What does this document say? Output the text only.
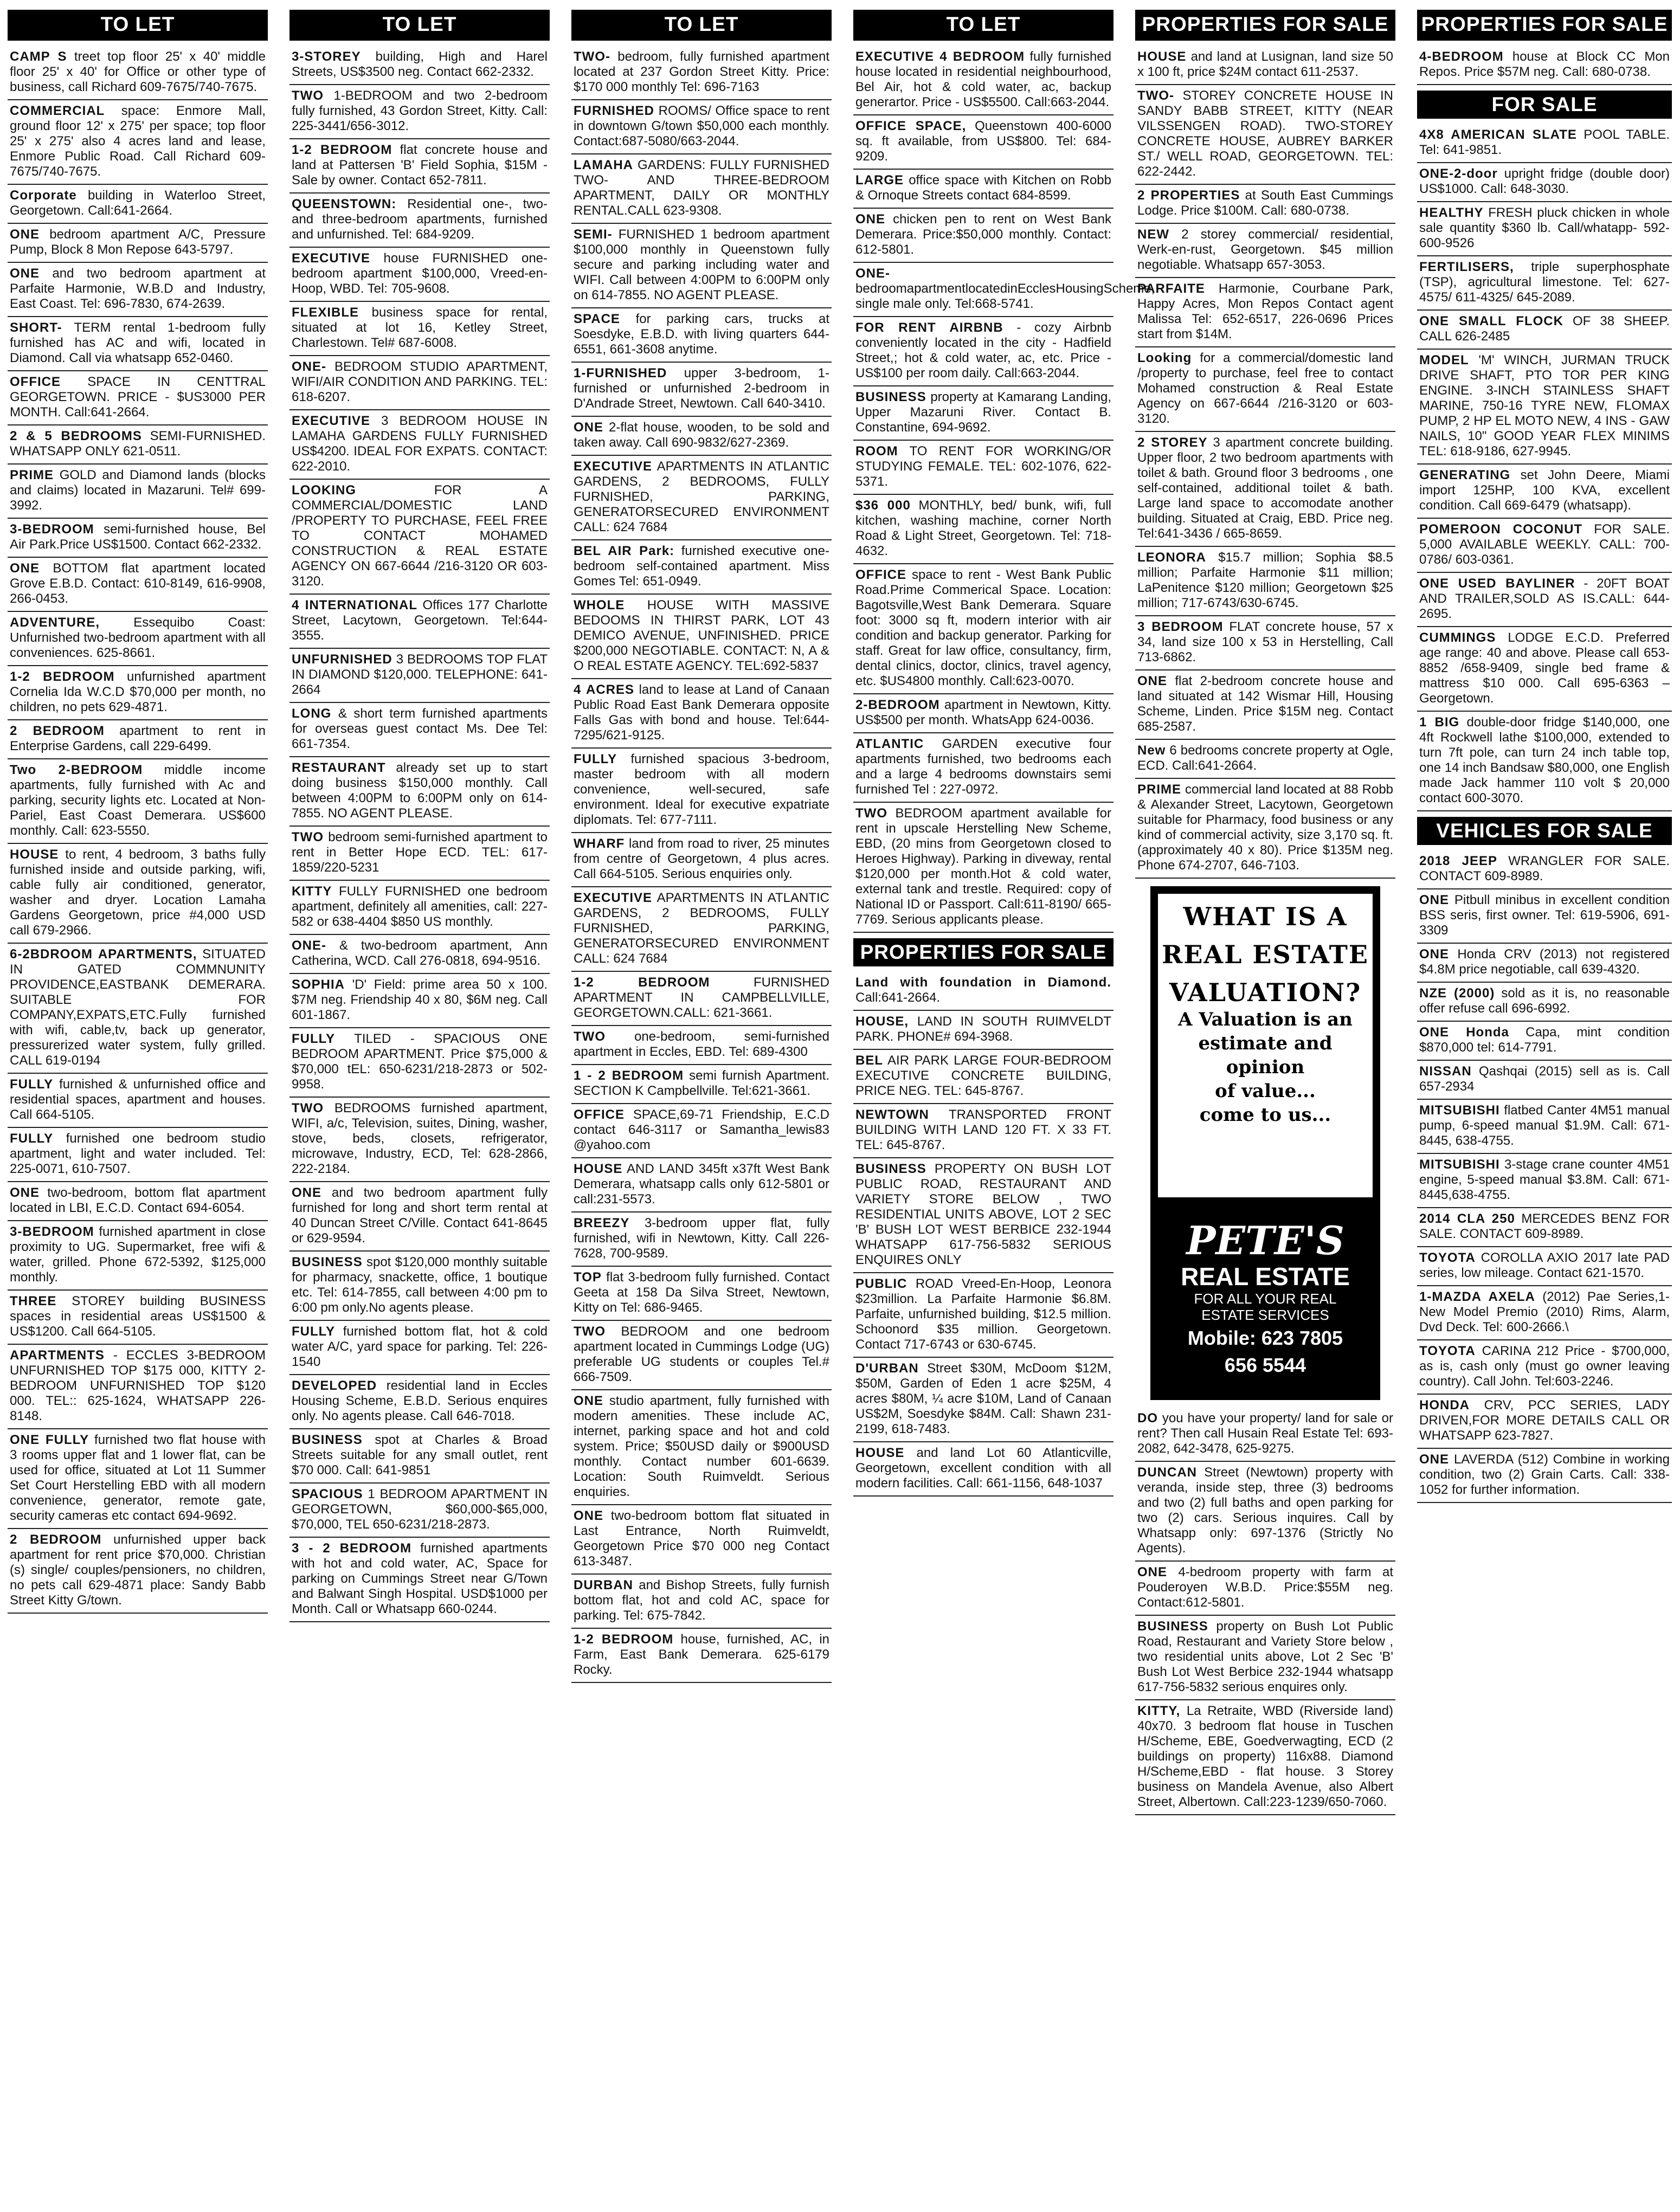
TO LET
CAMP S treet top floor 25' x 40' middle floor 25' x 40' for Office or other type of business, call Richard 609-7675/740-7675.
COMMERCIAL space: Enmore Mall, ground floor 12' x 275' per space; top floor 25' x 275' also 4 acres land and lease, Enmore Public Road. Call Richard 609-7675/740-7675.
Corporate building in Waterloo Street, Georgetown. Call:641-2664.
ONE bedroom apartment A/C, Pressure Pump, Block 8 Mon Repose 643-5797.
ONE and two bedroom apartment at Parfaite Harmonie, W.B.D and Industry, East Coast. Tel: 696-7830, 674-2639.
SHORT- TERM rental 1-bedroom fully furnished has AC and wifi, located in Diamond. Call via whatsapp 652-0460.
OFFICE SPACE IN CENTTRAL GEORGETOWN. PRICE - $US3000 PER MONTH. Call:641-2664.
2 & 5 BEDROOMS SEMI-FURNISHED. WHATSAPP ONLY 621-0511.
PRIME GOLD and Diamond lands (blocks and claims) located in Mazaruni. Tel# 699-3992.
3-BEDROOM semi-furnished house, Bel Air Park.Price US$1500. Contact 662-2332.
ONE BOTTOM flat apartment located Grove E.B.D. Contact: 610-8149, 616-9908, 266-0453.
ADVENTURE,	Essequibo Coast: Unfurnished two-bedroom apartment with all conveniences. 625-8661.
1-2 BEDROOM unfurnished apartment Cornelia Ida W.C.D $70,000 per month, no children, no pets 629-4871.
2 BEDROOM apartment to rent in Enterprise Gardens, call 229-6499.
Two 2-BEDROOM middle income apartments, fully furnished with Ac and parking, security lights etc. Located at Non-Pariel, East Coast Demerara. US$600 monthly. Call: 623-5550.
HOUSE to rent, 4 bedroom, 3 baths fully furnished inside and outside parking, wifi, cable fully air conditioned, generator, washer and dryer. Location Lamaha Gardens Georgetown, price #4,000 USD call 679-2966.
6-2BDROOM APARTMENTS, SITUATED IN GATED COMMNUNITY PROVIDENCE,EASTBANK DEMERARA. SUITABLE FOR COMPANY,EXPATS,ETC.Fully furnished with wifi, cable,tv, back up generator, pressurerized water system, fully grilled. CALL 619-0194
FULLY furnished & unfurnished office and residential spaces, apartment and houses. Call 664-5105.
FULLY furnished one bedroom studio apartment, light and water included. Tel: 225-0071, 610-7507.
ONE two-bedroom, bottom flat apartment located in LBI, E.C.D. Contact 694-6054.
3-BEDROOM furnished apartment in close proximity to UG. Supermarket, free wifi & water, grilled. Phone 672-5392, $125,000 monthly.
THREE STOREY building BUSINESS spaces in residential areas US$1500 & US$1200. Call 664-5105.
APARTMENTS - ECCLES 3-BEDROOM UNFURNISHED TOP $175 000, KITTY 2-BEDROOM UNFURNISHED TOP $120 000. TEL:: 625-1624, WHATSAPP 226-8148.
ONE FULLY furnished two flat house with 3 rooms upper flat and 1 lower flat, can be used for office, situated at Lot 11 Summer Set Court Herstelling EBD with all modern convenience, generator, remote gate, security cameras etc contact 694-9692.
2 BEDROOM unfurnished upper back apartment for rent price $70,000. Christian (s) single/ couples/pensioners, no children, no pets call 629-4871 place: Sandy Babb Street Kitty G/town.
TO LET
3-STOREY building, High and Harel Streets, US$3500 neg. Contact 662-2332.
TWO 1-BEDROOM and two 2-bedroom fully furnished, 43 Gordon Street, Kitty. Call: 225-3441/656-3012.
1-2 BEDROOM flat concrete house and land at Pattersen 'B' Field Sophia, $15M - Sale by owner. Contact 652-7811.
QUEENSTOWN: Residential one-, two- and three-bedroom apartments, furnished and unfurnished. Tel: 684-9209.
EXECUTIVE house FURNISHED one-bedroom apartment $100,000, Vreed-en-Hoop, WBD. Tel: 705-9608.
FLEXIBLE business space for rental, situated at lot 16, Ketley Street, Charlestown. Tel# 687-6008.
ONE- BEDROOM STUDIO APARTMENT, WIFI/AIR CONDITION AND PARKING. TEL: 618-6207.
EXECUTIVE 3 BEDROOM HOUSE IN LAMAHA GARDENS FULLY FURNISHED US$4200. IDEAL FOR EXPATS. CONTACT: 622-2010.
LOOKING	FOR A COMMERCIAL/DOMESTIC LAND /PROPERTY TO PURCHASE, FEEL FREE TO CONTACT MOHAMED CONSTRUCTION & REAL ESTATE AGENCY ON 667-6644 /216-3120 OR 603-3120.
4 INTERNATIONAL Offices 177 Charlotte Street, Lacytown, Georgetown. Tel:644-3555.
UNFURNISHED 3 BEDROOMS TOP FLAT IN DIAMOND $120,000. TELEPHONE: 641-2664
LONG & short term furnished apartments for overseas guest contact Ms. Dee Tel: 661-7354.
RESTAURANT already set up to start doing business $150,000 monthly. Call between 4:00PM to 6:00PM only on 614-7855. NO AGENT PLEASE.
TWO bedroom semi-furnished apartment to rent in Better Hope ECD. TEL: 617-1859/220-5231
KITTY FULLY FURNISHED one bedroom apartment, definitely all amenities, call: 227-582 or 638-4404 $850 US monthly.
ONE- & two-bedroom apartment, Ann Catherina, WCD. Call 276-0818, 694-9516.
SOPHIA 'D' Field: prime area 50 x 100. $7M neg. Friendship 40 x 80, $6M neg. Call 601-1867.
FULLY TILED - SPACIOUS ONE BEDROOM APARTMENT. Price $75,000 & $70,000 tEL: 650-6231/218-2873 or 502-9958.
TWO BEDROOMS furnished apartment, WIFI, a/c, Television, suites, Dining, washer, stove, beds, closets, refrigerator, microwave, Industry, ECD, Tel: 628-2866, 222-2184.
ONE and two bedroom apartment fully furnished for long and short term rental at 40 Duncan Street C/Ville. Contact 641-8645 or 629-9594.
BUSINESS spot $120,000 monthly suitable for pharmacy, snackette, office, 1 boutique etc. Tel: 614-7855, call between 4:00 pm to 6:00 pm only.No agents please.
FULLY furnished bottom flat, hot & cold water A/C, yard space for parking. Tel: 226-1540
DEVELOPED residential land in Eccles Housing Scheme, E.B.D. Serious enquires only. No agents please. Call 646-7018.
BUSINESS spot at Charles & Broad Streets suitable for any small outlet, rent $70 000. Call: 641-9851
SPACIOUS 1 BEDROOM APARTMENT IN GEORGETOWN, $60,000-$65,000, $70,000, TEL 650-6231/218-2873.
3 - 2 BEDROOM furnished apartments with hot and cold water, AC, Space for parking on Cummings Street near G/Town and Balwant Singh Hospital. USD$1000 per Month. Call or Whatsapp 660-0244.
TO LET
TWO- bedroom, fully furnished apartment located at 237 Gordon Street Kitty. Price: $170 000 monthly Tel: 696-7163
FURNISHED ROOMS/ Office space to rent in downtown G/town $50,000 each monthly. Contact:687-5080/663-2044.
LAMAHA GARDENS: FULLY FURNISHED TWO- AND THREE-BEDROOM APARTMENT, DAILY OR MONTHLY RENTAL.CALL 623-9308.
SEMI- FURNISHED 1 bedroom apartment $100,000 monthly in Queenstown fully secure and parking including water and WIFI. Call between 4:00PM to 6:00PM only on 614-7855. NO AGENT PLEASE.
SPACE for parking cars, trucks at Soesdyke, E.B.D. with living quarters 644-6551, 661-3608 anytime.
1-FURNISHED upper 3-bedroom, 1-furnished or unfurnished 2-bedroom in D'Andrade Street, Newtown. Call 640-3410.
ONE 2-flat house, wooden, to be sold and taken away. Call 690-9832/627-2369.
EXECUTIVE APARTMENTS IN ATLANTIC GARDENS, 2 BEDROOMS, FULLY FURNISHED, PARKING, GENERATORSECURED ENVIRONMENT CALL: 624 7684
BEL AIR Park: furnished executive one-bedroom self-contained apartment. Miss Gomes Tel: 651-0949.
WHOLE HOUSE WITH MASSIVE BEDOOMS IN THIRST PARK, LOT 43 DEMICO AVENUE, UNFINISHED. PRICE $200,000 NEGOTIABLE. CONTACT: N, A & O REAL ESTATE AGENCY. TEL:692-5837
4 ACRES land to lease at Land of Canaan Public Road East Bank Demerara opposite Falls Gas with bond and house. Tel:644-7295/621-9125.
FULLY furnished spacious 3-bedroom, master bedroom with all modern convenience, well-secured, safe environment. Ideal for executive expatriate diplomats. Tel: 677-7111.
WHARF land from road to river, 25 minutes from centre of Georgetown, 4 plus acres. Call 664-5105. Serious enquiries only.
EXECUTIVE APARTMENTS IN ATLANTIC GARDENS, 2 BEDROOMS, FULLY FURNISHED, PARKING, GENERATORSECURED ENVIRONMENT CALL: 624 7684
1-2 BEDROOM	FURNISHED APARTMENT IN CAMPBELLVILLE, GEORGETOWN.CALL: 621-3661.
TWO one-bedroom, semi-furnished apartment in Eccles, EBD. Tel: 689-4300
1 - 2 BEDROOM semi furnish Apartment. SECTION K Campbellville. Tel:621-3661.
OFFICE SPACE,69-71 Friendship, E.C.D contact 646-3117 or Samantha_lewis83 @yahoo.com
HOUSE AND LAND 345ft x37ft West Bank Demerara, whatsapp calls only 612-5801 or call:231-5573.
BREEZY 3-bedroom upper flat, fully furnished, wifi in Newtown, Kitty. Call 226-7628, 700-9589.
TOP flat 3-bedroom fully furnished. Contact Geeta at 158 Da Silva Street, Newtown, Kitty on Tel: 686-9465.
TWO BEDROOM and one bedroom apartment located in Cummings Lodge (UG) preferable UG students or couples Tel.# 666-7509.
ONE studio apartment, fully furnished with modern amenities. These include AC, internet, parking space and hot and cold system. Price; $50USD daily or $900USD monthly. Contact number 601-6639. Location: South Ruimveldt. Serious enquiries.
ONE two-bedroom bottom flat situated in Last Entrance, North Ruimveldt, Georgetown Price $70 000 neg Contact 613-3487.
DURBAN and Bishop Streets, fully furnish bottom flat, hot and cold AC, space for parking. Tel: 675-7842.
1-2 BEDROOM house, furnished, AC, in Farm, East Bank Demerara. 625-6179 Rocky.
TO LET
EXECUTIVE 4 BEDROOM fully furnished house located in residential neighbourhood, Bel Air, hot & cold water, ac, backup generartor. Price - US$5500. Call:663-2044.
OFFICE SPACE, Queenstown 400-6000 sq. ft available, from US$800. Tel: 684-9209.
LARGE office space with Kitchen on Robb & Ornoque Streets contact 684-8599.
ONE chicken pen to rent on West Bank Demerara. Price:$50,000 monthly. Contact: 612-5801.
ONE- bedroomapartmentlocatedinEcclesHousingScheme, single male only. Tel:668-5741.
FOR RENT AIRBNB - cozy Airbnb conveniently located in the city - Hadfield Street,; hot & cold water, ac, etc. Price - US$100 per room daily. Call:663-2044.
BUSINESS property at Kamarang Landing, Upper Mazaruni River. Contact B. Constantine, 694-9692.
ROOM TO RENT FOR WORKING/OR STUDYING FEMALE. TEL: 602-1076, 622-5371.
$36 000 MONTHLY, bed/ bunk, wifi, full kitchen, washing machine, corner North Road & Light Street, Georgetown. Tel: 718-4632.
OFFICE space to rent - West Bank Public Road.Prime Commerical Space. Location: Bagotsville,West Bank Demerara. Square foot: 3000 sq ft, modern interior with air condition and backup generator. Parking for staff. Great for law office, consultancy, firm, dental clinics, doctor, clinics, travel agency, etc. $US4800 monthly. Call:623-0070.
2-BEDROOM apartment in Newtown, Kitty. US$500 per month. WhatsApp 624-0036.
ATLANTIC GARDEN executive four apartments furnished, two bedrooms each and a large 4 bedrooms downstairs semi furnished Tel : 227-0972.
TWO BEDROOM apartment available for rent in upscale Herstelling New Scheme, EBD, (20 mins from Georgetown closed to Heroes Highway). Parking in diveway, rental $120,000 per month.Hot & cold water, external tank and trestle. Required: copy of National ID or Passport. Call:611-8190/ 665-7769. Serious applicants please.
PROPERTIES FOR SALE
Land with foundation in Diamond. Call:641-2664.
HOUSE, LAND IN SOUTH RUIMVELDT PARK. PHONE# 694-3968.
BEL AIR PARK LARGE FOUR-BEDROOM EXECUTIVE CONCRETE BUILDING, PRICE NEG. TEL: 645-8767.
NEWTOWN TRANSPORTED FRONT BUILDING WITH LAND 120 FT. X 33 FT. TEL: 645-8767.
BUSINESS PROPERTY ON BUSH LOT PUBLIC ROAD, RESTAURANT AND VARIETY STORE BELOW , TWO RESIDENTIAL UNITS ABOVE, LOT 2 SEC 'B' BUSH LOT WEST BERBICE 232-1944 WHATSAPP 617-756-5832 SERIOUS ENQUIRES ONLY
PUBLIC ROAD Vreed-En-Hoop, Leonora $23million. La Parfaite Harmonie $6.8M. Parfaite, unfurnished building, $12.5 million. Schoonord $35 million. Georgetown. Contact 717-6743 or 630-6745.
D'URBAN Street $30M, McDoom $12M, $50M, Garden of Eden 1 acre $25M, 4 acres $80M, ¼ acre $10M, Land of Canaan US$2M, Soesdyke $84M. Call: Shawn 231-2199, 618-7483.
HOUSE and land Lot 60 Atlanticville, Georgetown, excellent condition with all modern facilities. Call: 661-1156, 648-1037
PROPERTIES FOR SALE
HOUSE and land at Lusignan, land size 50 x 100 ft, price $24M contact 611-2537.
TWO- STOREY CONCRETE HOUSE IN SANDY BABB STREET, KITTY (NEAR VILSSENGEN ROAD). TWO-STOREY CONCRETE HOUSE, AUBREY BARKER ST./ WELL ROAD, GEORGETOWN. TEL: 622-2442.
2 PROPERTIES at South East Cummings Lodge. Price $100M. Call: 680-0738.
NEW 2 storey commercial/ residential, Werk-en-rust, Georgetown. $45 million negotiable. Whatsapp 657-3053.
PARFAITE Harmonie, Courbane Park, Happy Acres, Mon Repos Contact agent Malissa Tel: 652-6517, 226-0696 Prices start from $14M.
Looking for a commercial/domestic land /property to purchase, feel free to contact Mohamed construction & Real Estate Agency on 667-6644 /216-3120 or 603-3120.
2 STOREY 3 apartment concrete building. Upper floor, 2 two bedroom apartments with toilet & bath. Ground floor 3 bedrooms , one self-contained, additional toilet & bath. Large land space to accomodate another building. Situated at Craig, EBD. Price neg. Tel:641-3436 / 665-8659.
LEONORA $15.7 million; Sophia $8.5 million; Parfaite Harmonie $11 million; LaPenitence $120 million; Georgetown $25 million; 717-6743/630-6745.
3 BEDROOM FLAT concrete house, 57 x 34, land size 100 x 53 in Herstelling, Call 713-6862.
ONE flat 2-bedroom concrete house and land situated at 142 Wismar Hill, Housing Scheme, Linden. Price $15M neg. Contact 685-2587.
New 6 bedrooms concrete property at Ogle, ECD. Call:641-2664.
PRIME commercial land located at 88 Robb & Alexander Street, Lacytown, Georgetown suitable for Pharmacy, food business or any kind of commercial activity, size 3,170 sq. ft. (approximately 40 x 80). Price $135M neg. Phone 674-2707, 646-7103.
WHAT IS A
REAL ESTATE
VALUATION?
A Valuation is an
estimate and opinion
of value...
come to us...
PETE'S
REAL ESTATE
FOR ALL YOUR REAL
ESTATE SERVICES
Mobile: 623 7805
656 5544
DO you have your property/ land for sale or rent? Then call Husain Real Estate Tel: 693-2082, 642-3478, 625-9275.
DUNCAN Street (Newtown) property with veranda, inside step, three (3) bedrooms and two (2) full baths and open parking for two (2) cars. Serious inquires. Call by Whatsapp only: 697-1376 (Strictly No Agents).
ONE 4-bedroom property with farm at Pouderoyen W.B.D. Price:$55M neg. Contact:612-5801.
BUSINESS property on Bush Lot Public Road, Restaurant and Variety Store below , two residential units above, Lot 2 Sec 'B' Bush Lot West Berbice 232-1944 whatsapp 617-756-5832 serious enquires only.
KITTY, La Retraite, WBD (Riverside land) 40x70. 3 bedroom flat house in Tuschen H/Scheme, EBE, Goedverwagting, ECD (2 buildings on property) 116x88. Diamond H/Scheme,EBD - flat house. 3 Storey business on Mandela Avenue, also Albert Street, Albertown. Call:223-1239/650-7060.
PROPERTIES FOR SALE
4-BEDROOM house at Block CC Mon Repos. Price $57M neg. Call: 680-0738.
FOR SALE
4X8 AMERICAN SLATE POOL TABLE. Tel: 641-9851.
ONE-2-door upright fridge (double door) US$1000. Call: 648-3030.
HEALTHY FRESH pluck chicken in whole sale quantity $360 lb. Call/whatapp- 592-600-9526
FERTILISERS, triple superphosphate (TSP), agricultural limestone. Tel: 627-4575/ 611-4325/ 645-2089.
ONE SMALL FLOCK OF 38 SHEEP. CALL 626-2485
MODEL 'M' WINCH, JURMAN TRUCK DRIVE SHAFT, PTO TOR PER KING ENGINE. 3-INCH STAINLESS SHAFT MARINE, 750-16 TYRE NEW, FLOMAX PUMP, 2 HP EL MOTO NEW, 4 INS - GAW NAILS, 10" GOOD YEAR FLEX MINIMS TEL: 618-9186, 627-9945.
GENERATING set John Deere, Miami import 125HP, 100 KVA, excellent condition. Call 669-6479 (whatsapp).
POMEROON COCONUT FOR SALE. 5,000 AVAILABLE WEEKLY. CALL: 700-0786/ 603-0361.
ONE USED BAYLINER - 20FT BOAT AND TRAILER,SOLD AS IS.CALL: 644-2695.
CUMMINGS LODGE E.C.D. Preferred age range: 40 and above. Please call 653-8852 /658-9409, single bed frame & mattress $10 000. Call 695-6363 – Georgetown.
1 BIG double-door fridge $140,000, one 4ft Rockwell lathe $100,000, extended to turn 7ft pole, can turn 24 inch table top, one 14 inch Bandsaw $80,000, one English made Jack hammer 110 volt $ 20,000 contact 600-3070.
VEHICLES FOR SALE
2018 JEEP WRANGLER FOR SALE. CONTACT 609-8989.
ONE Pitbull minibus in excellent condition BSS seris, first owner. Tel: 619-5906, 691-3309
ONE Honda CRV (2013) not registered $4.8M price negotiable, call 639-4320.
NZE (2000) sold as it is, no reasonable offer refuse call 696-6992.
ONE Honda Capa, mint condition $870,000 tel: 614-7791.
NISSAN Qashqai (2015) sell as is. Call 657-2934
MITSUBISHI flatbed Canter 4M51 manual pump, 6-speed manual $1.9M. Call: 671-8445, 638-4755.
MITSUBISHI 3-stage crane counter 4M51 engine, 5-speed manual $3.8M. Call: 671-8445,638-4755.
2014 CLA 250 MERCEDES BENZ FOR SALE. CONTACT 609-8989.
TOYOTA COROLLA AXIO 2017 late PAD series, low mileage. Contact 621-1570.
1-MAZDA AXELA (2012) Pae Series,1- New Model Premio (2010) Rims, Alarm, Dvd Deck. Tel: 600-2666.\
TOYOTA CARINA 212 Price - $700,000, as is, cash only (must go owner leaving country). Call John. Tel:603-2246.
HONDA CRV, PCC SERIES, LADY DRIVEN,FOR MORE DETAILS CALL OR WHATSAPP 623-7827.
ONE LAVERDA (512) Combine in working condition, two (2) Grain Carts. Call: 338-1052 for further information.
